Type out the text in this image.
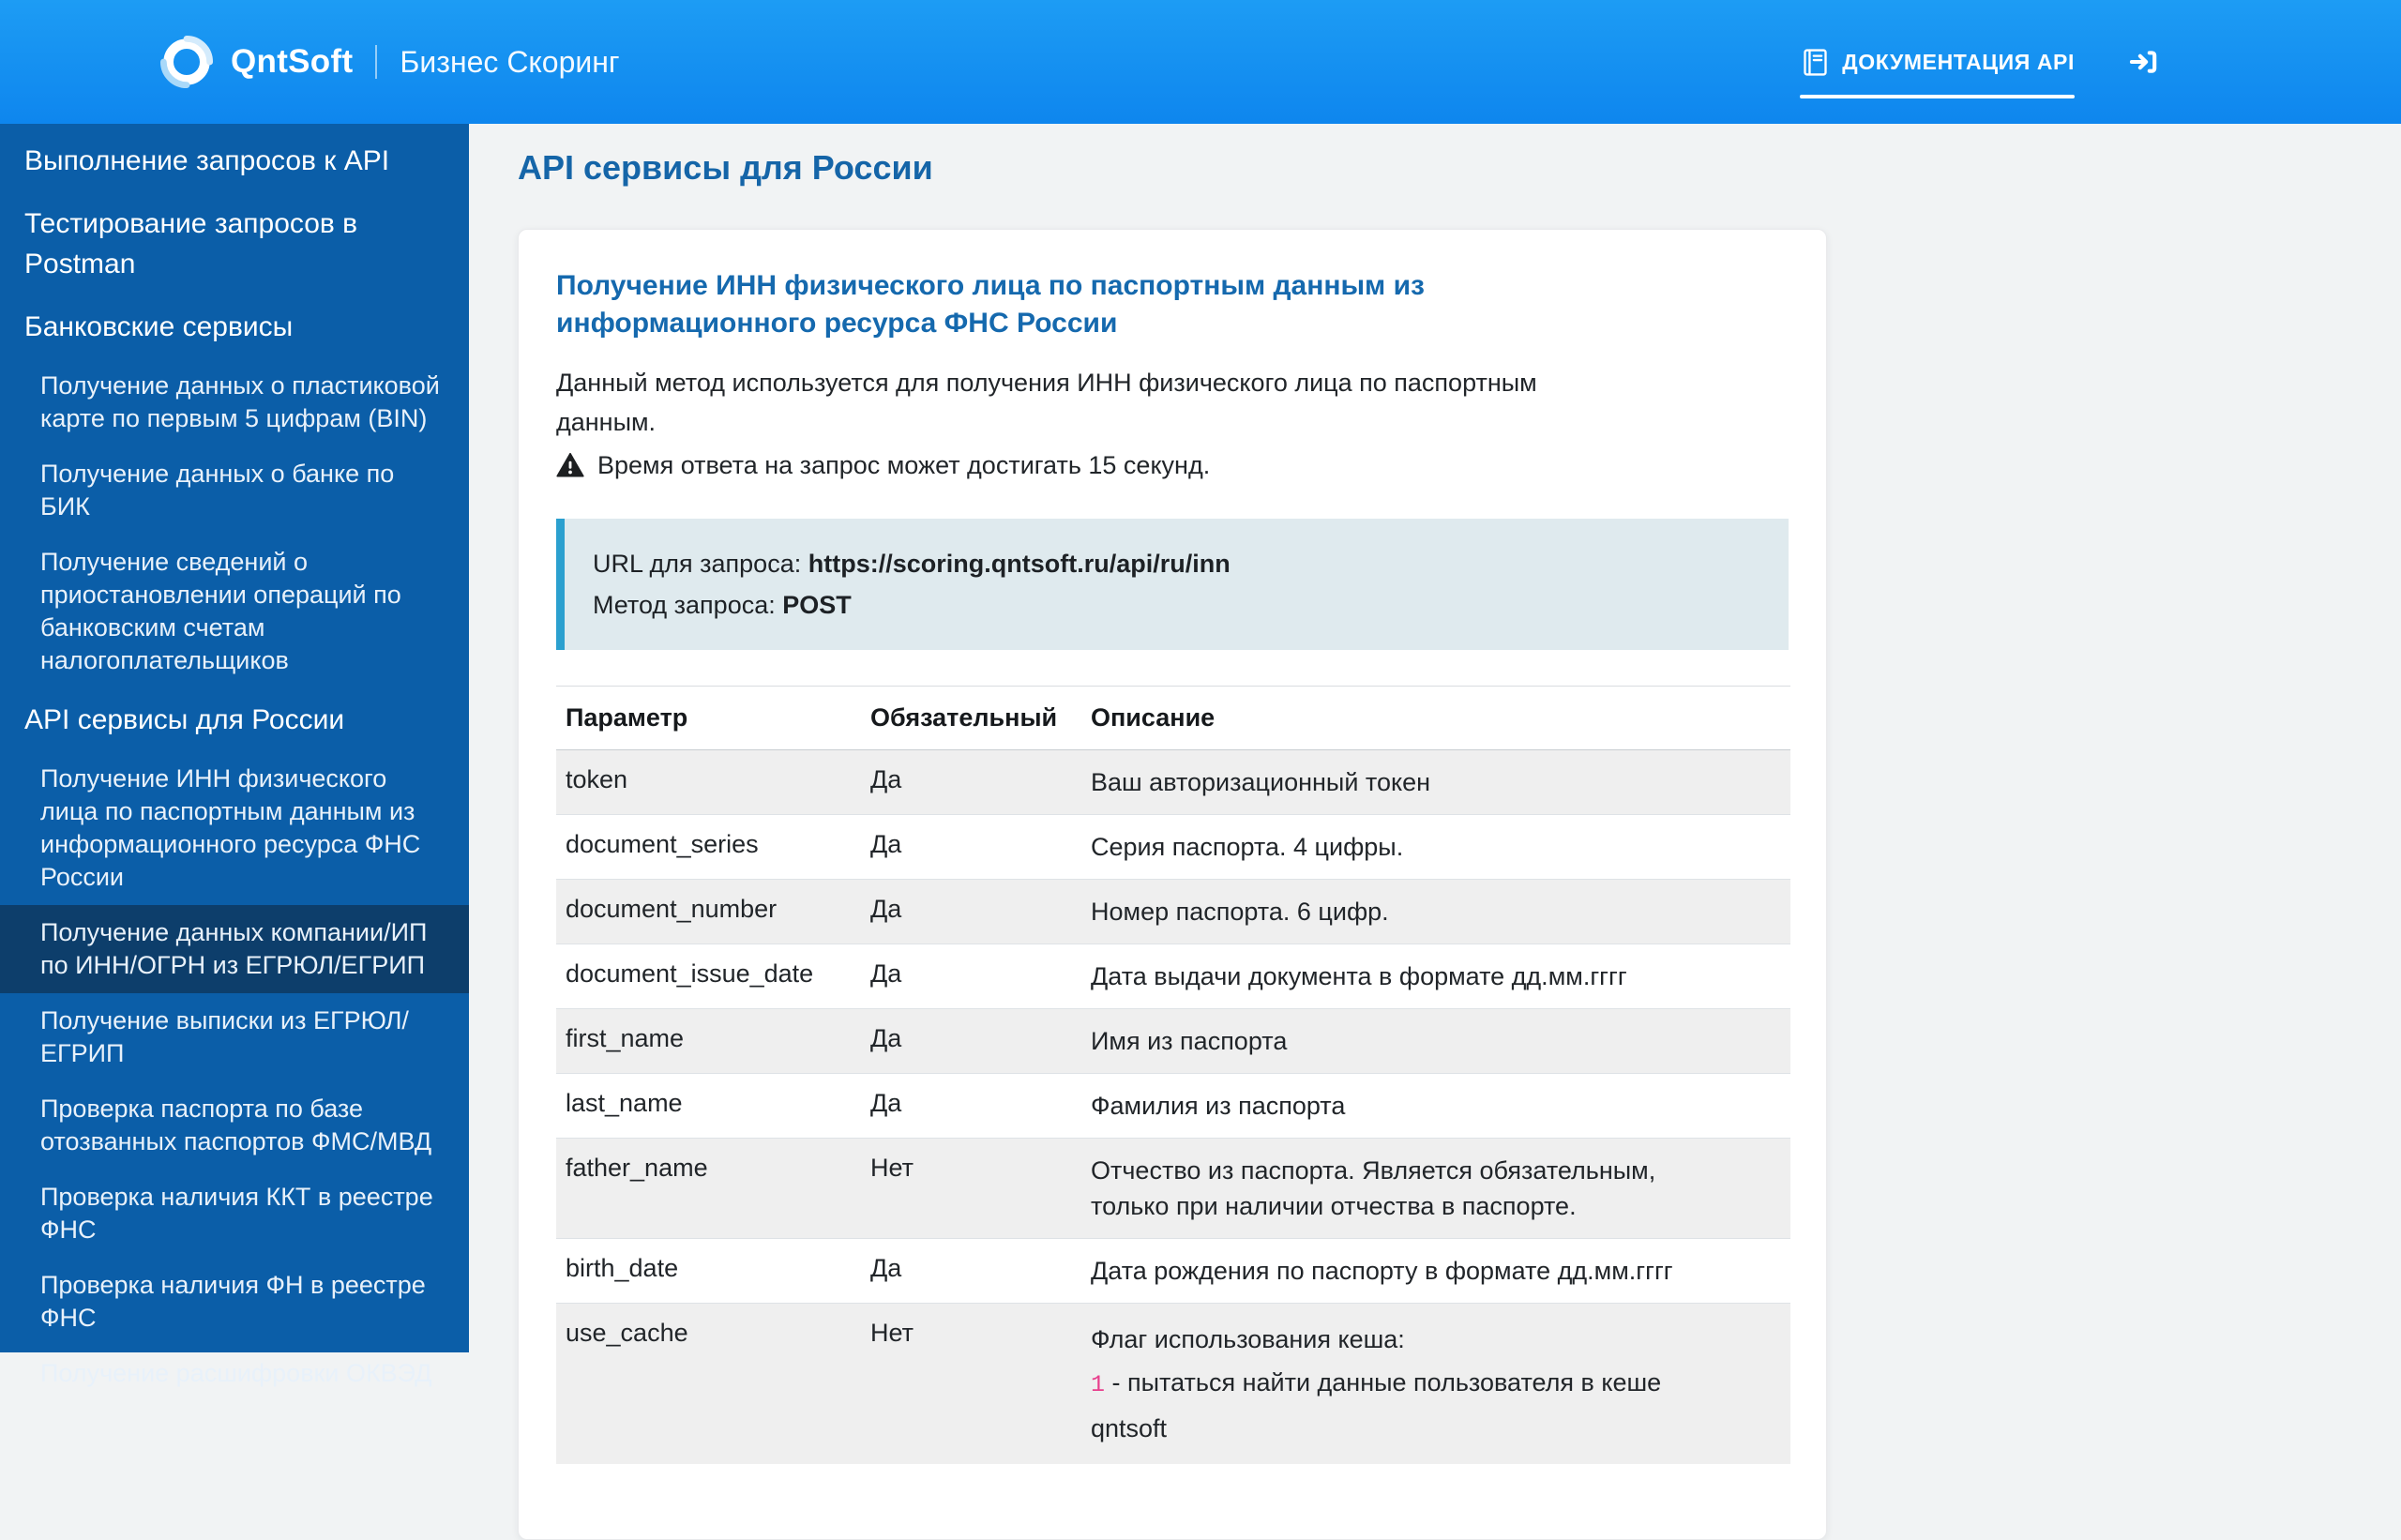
QntSoft Бизнес Скоринг	ДОКУМЕНТАЦИЯ API
Выполнение запросов к API
Тестирование запросов в Postman
Банковские сервисы
Получение данных о пластиковой карте по первым 5 цифрам (BIN)
Получение данных о банке по БИК
Получение сведений о приостановлении операций по банковским счетам налогоплательщиков
API сервисы для России
Получение ИНН физического лица по паспортным данным из информационного ресурса ФНС России
Получение данных компании/ИП по ИНН/ОГРН из ЕГРЮЛ/ЕГРИП
Получение выписки из ЕГРЮЛ/ЕГРИП
Проверка паспорта по базе отозванных паспортов ФМС/МВД
Проверка наличия ККТ в реестре ФНС
Проверка наличия ФН в реестре ФНС
Получение расшифровки ОКВЭД
API сервисы для России
Получение ИНН физического лица по паспортным данным из информационного ресурса ФНС России

Данный метод используется для получения ИНН физического лица по паспортным данным.

Время ответа на запрос может достигать 15 секунд.

URL для запроса: https://scoring.qntsoft.ru/api/ru/inn
Метод запроса: POST
Параметр	Обязательный	Описание
token	Да	Ваш авторизационный токен

document_series	Да	Серия паспорта. 4 цифры.

document_number	Да	Номер паспорта. 6 цифр.

document_issue_date	Да	Дата выдачи документа в формате дд.мм.гггг

first_name	Да	Имя из паспорта

last_name	Да	Фамилия из паспорта

father_name	Нет	Отчество из паспорта. Является обязательным, только при наличии отчества в паспорте.

birth_date	Да	Дата рождения по паспорту в формате дд.мм.гггг

use_cache	Нет	Флаг использования кеша:
1 - пытаться найти данные пользователя в кеше qntsoft
